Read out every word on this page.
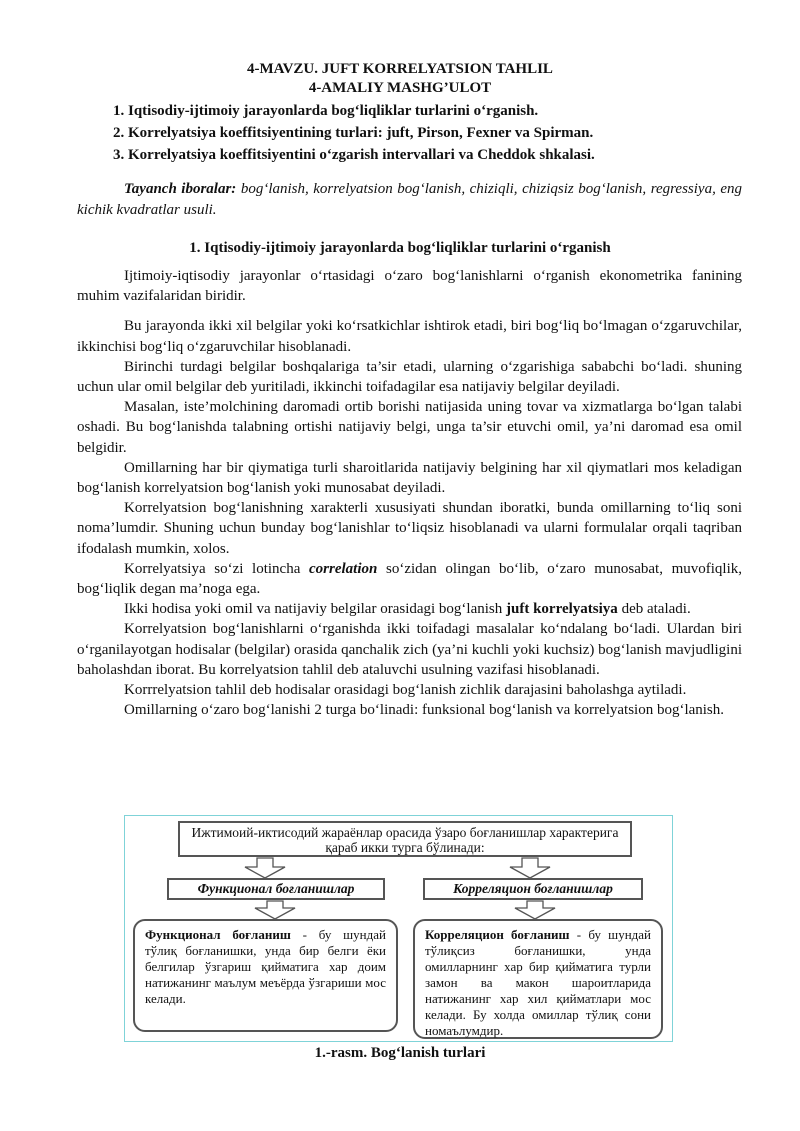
4-MAVZU. JUFT KORRELYATSION TAHLIL
4-AMALIY MASHG’ULOT
1. Iqtisodiy-ijtimoiy jarayonlarda bog‘liqliklar turlarini o‘rganish.
2. Korrelyatsiya koeffitsiyentining turlari: juft, Pirson, Fexner va Spirman.
3. Korrelyatsiya koeffitsiyentini o‘zgarish intervallari va Cheddok shkalasi.
Tayanch iboralar: bog‘lanish, korrelyatsion bog‘lanish, chiziqli, chiziqsiz bog‘lanish, regressiya, eng kichik kvadratlar usuli.
1. Iqtisodiy-ijtimoiy jarayonlarda bog‘liqliklar turlarini o‘rganish

Ijtimoiy-iqtisodiy jarayonlar o‘rtasidagi o‘zaro bog‘lanishlarni o‘rganish ekonometrika fanining muhim vazifalaridan biridir.

Bu jarayonda ikki xil belgilar yoki ko‘rsatkichlar ishtirok etadi, biri bog‘liq bo‘lmagan o‘zgaruvchilar, ikkinchisi bog‘liq o‘zgaruvchilar hisoblanadi.

Birinchi turdagi belgilar boshqalariga ta’sir etadi, ularning o‘zgarishiga sababchi bo‘ladi. shuning uchun ular omil belgilar deb yuritiladi, ikkinchi toifadagilar esa natijaviy belgilar deyiladi.

Masalan, iste’molchining daromadi ortib borishi natijasida uning tovar va xizmatlarga bo‘lgan talabi oshadi. Bu bog‘lanishda talabning ortishi natijaviy belgi, unga ta’sir etuvchi omil, ya’ni daromad esa omil belgidir.

Omillarning har bir qiymatiga turli sharoitlarida natijaviy belgining har xil qiymatlari mos keladigan bog‘lanish korrelyatsion bog‘lanish yoki munosabat deyiladi.

Korrelyatsion bog‘lanishning xarakterli xususiyati shundan iboratki, bunda omillarning to‘liq soni noma’lumdir. Shuning uchun bunday bog‘lanishlar to‘liqsiz hisoblanadi va ularni formulalar orqali taqriban ifodalash mumkin, xolos.

Korrelyatsiya so‘zi lotincha correlation so‘zidan olingan bo‘lib, o‘zaro munosabat, muvofiqlik, bog‘liqlik degan ma’noga ega.

Ikki hodisa yoki omil va natijaviy belgilar orasidagi bog‘lanish juft korrelyatsiya deb ataladi.

Korrelyatsion bog‘lanishlarni o‘rganishda ikki toifadagi masalalar ko‘ndalang bo‘ladi. Ulardan biri o‘rganilayotgan hodisalar (belgilar) orasida qanchalik zich (ya’ni kuchli yoki kuchsiz) bog‘lanish mavjudligini baholashdan iborat. Bu korrelyatsion tahlil deb ataluvchi usulning vazifasi hisoblanadi.

Korrrelyatsion tahlil deb hodisalar orasidagi bog‘lanish zichlik darajasini baholashga aytiladi.

Omillarning o‘zaro bog‘lanishi 2 turga bo‘linadi: funksional bog‘lanish va korrelyatsion bog‘lanish.

Ижтимоий-иктисодий жараёнлар орасида ўзаро боғланишлар характерига қараб икки турга бўлинади:
Функционал боғланишлар	Корреляцион боғланишлар
Функционал боғланиш - бу шундай тўлиқ боғланишки, унда бир белги ёки белгилар ўзгариш қийматига хар доим натижанинг маълум меъёрда ўзгариши мос келади.
Корреляцион боғланиш - бу шундай тўлиқсиз боғланишки, унда омилларнинг хар бир қийматига турли замон ва макон шароитларида натижанинг хар хил қийматлари мос келади. Бу холда омиллар тўлиқ сони номаълумдир.
1.-rasm. Bog‘lanish turlari
